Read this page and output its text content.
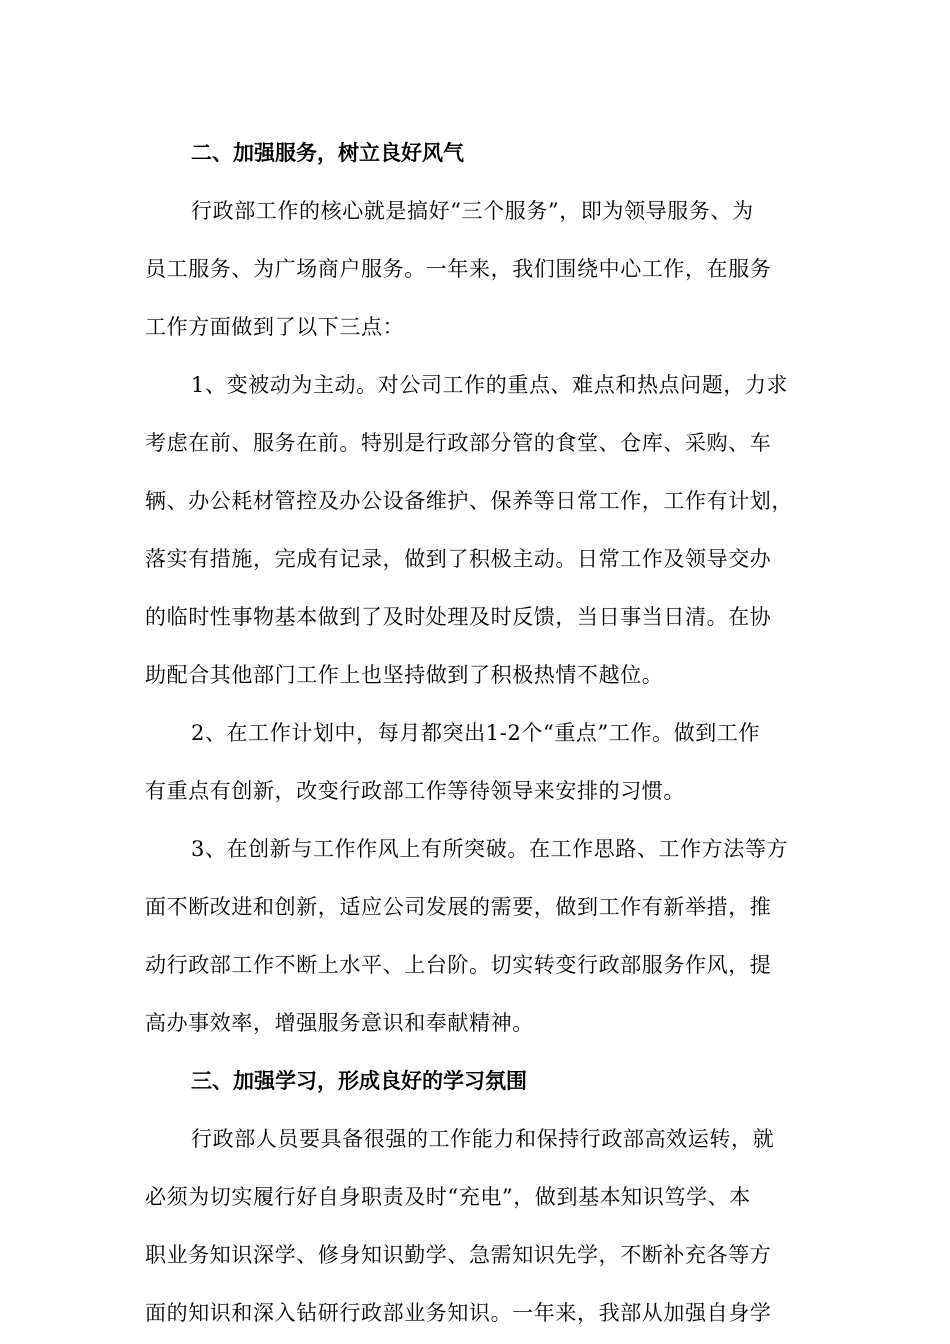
二、加强服务，树立良好风气
行政部工作的核心就是搞好“三个服务”，即为领导服务、为
员工服务、为广场商户服务。一年来，我们围绕中心工作，在服务
工作方面做到了以下三点：
1、变被动为主动。对公司工作的重点、难点和热点问题，力求
考虑在前、服务在前。特别是行政部分管的食堂、仓库、采购、车
辆、办公耗材管控及办公设备维护、保养等日常工作，工作有计划，
落实有措施，完成有记录，做到了积极主动。日常工作及领导交办
的临时性事物基本做到了及时处理及时反馈，当日事当日清。在协
助配合其他部门工作上也坚持做到了积极热情不越位。
2、在工作计划中，每月都突出1-2个“重点”工作。做到工作
有重点有创新，改变行政部工作等待领导来安排的习惯。
3、在创新与工作作风上有所突破。在工作思路、工作方法等方
面不断改进和创新，适应公司发展的需要，做到工作有新举措，推
动行政部工作不断上水平、上台阶。切实转变行政部服务作风，提
高办事效率，增强服务意识和奉献精神。
三、加强学习，形成良好的学习氛围
行政部人员要具备很强的工作能力和保持行政部高效运转，就
必须为切实履行好自身职责及时“充电”，做到基本知识笃学、本
职业务知识深学、修身知识勤学、急需知识先学，不断补充各等方
面的知识和深入钻研行政部业务知识。一年来，我部从加强自身学
